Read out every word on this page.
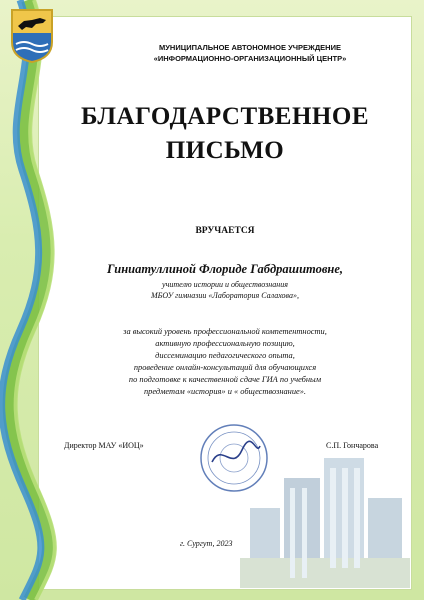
МУНИЦИПАЛЬНОЕ АВТОНОМНОЕ УЧРЕЖДЕНИЕ
«ИНФОРМАЦИОННО-ОРГАНИЗАЦИОННЫЙ ЦЕНТР»
БЛАГОДАРСТВЕННОЕ
ПИСЬМО
ВРУЧАЕТСЯ
Гиниатуллиной Флориде Габдрашитовне,
учителю истории и обществознания
МБОУ гимназии «Лаборатория Салахова»,
за высокий уровень профессиональной компетентности,
активную профессиональную позицию,
диссеминацию педагогического опыта,
проведение онлайн-консультаций для обучающихся
по подготовке к качественной сдаче ГИА по учебным
предметам «история» и « обществознание».
Директор МАУ «ИОЦ»	С.П. Гончарова
г. Сургут, 2023
